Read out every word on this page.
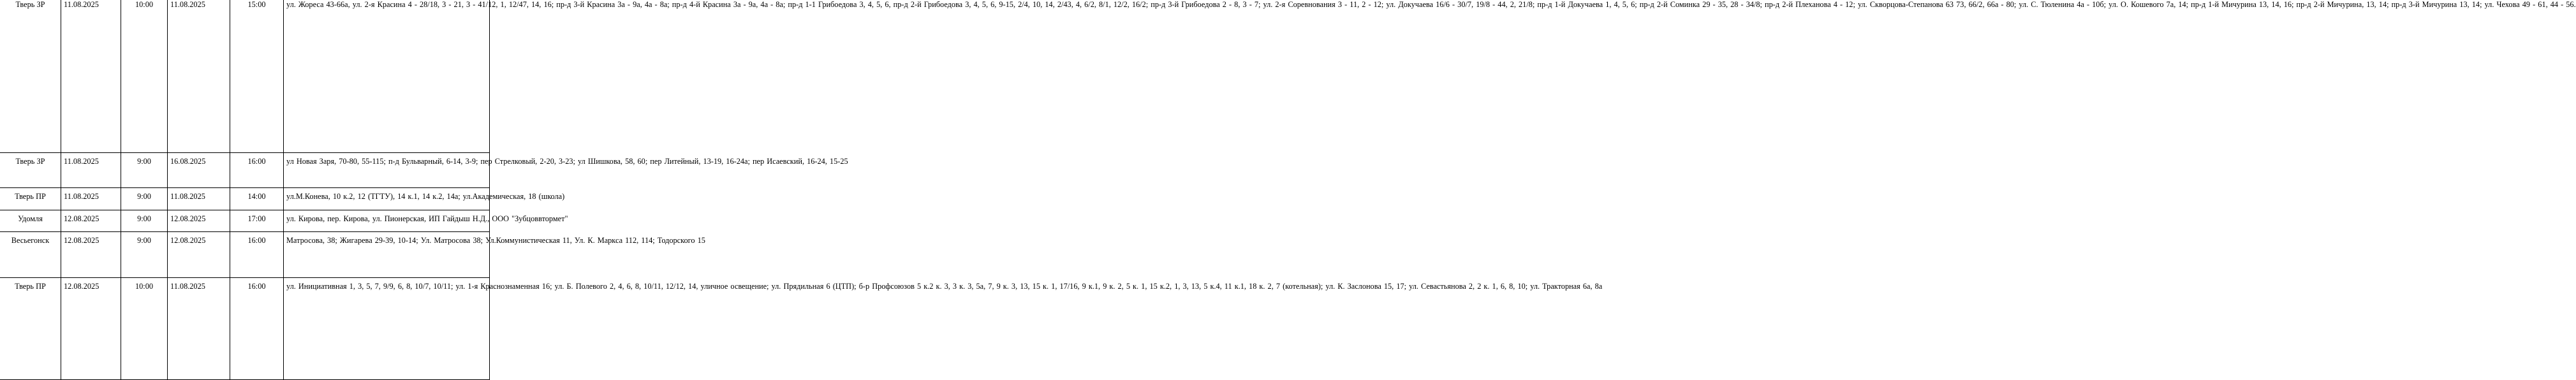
Тверь ЗР	11.08.2025	10:00	11.08.2025	15:00	ул. Жореса 43-66а, ул. 2-я Красина 4 - 28/18, 3 - 21, 3 - 41/12, 1, 12/47, 14, 16; пр-д 3-й Красина 3а - 9а, 4а - 8а; пр-д 4-й Красина 3а - 9а, 4а - 8а; пр-д 1-1 Грибоедова 3, 4, 5, 6, пр-д 2-й Грибоедова 3, 4, 5, 6, 9-15, 2/4, 10, 14, 2/43, 4, 6/2, 8/1, 12/2, 16/2; пр-д 3-й Грибоедова 2 - 8, 3 - 7; ул. 2-я Соревнования 3 - 11, 2 - 12; ул. Докучаева 16/6 - 30/7, 19/8 - 44, 2, 21/8; пр-д 1-й Докучаева 1, 4, 5, 6; пр-д 2-й Соминка 29 - 35, 28 - 34/8; пр-д 2-й Плеханова 4 - 12; ул. Скворцова-Степанова 63 73, 66/2, 66а - 80; ул. С. Тюленина 4а - 10б; ул. О. Кошевого 7а, 14; пр-д 1-й Мичурина 13, 14, 16; пр-д 2-й Мичурина, 13, 14; пр-д 3-й Мичурина 13, 14; ул. Чехова 49 - 61, 44 - 56.
Тверь ЗР	11.08.2025	9:00	16.08.2025	16:00	ул Новая Заря, 70-80, 55-115; п-д Бульварный, 6-14, 3-9; пер Стрелковый, 2-20, 3-23; ул Шишкова, 58, 60; пер Литейный, 13-19, 16-24а; пер Исаевский, 16-24, 15-25
Тверь ПР	11.08.2025	9:00	11.08.2025	14:00	ул.М.Конева, 10 к.2, 12 (ТГТУ), 14 к.1, 14 к.2, 14а; ул.Академическая, 18 (школа)
Удомля	12.08.2025	9:00	12.08.2025	17:00	ул. Кирова, пер. Кирова, ул. Пионерская, ИП Гайдыш Н.Д., ООО "Зубцоввтормет"
Весьегонск	12.08.2025	9:00	12.08.2025	16:00	Матросова, 38; Жигарева 29-39, 10-14; Ул. Матросова 38; Ул.Коммунистическая 11, Ул. К. Маркса 112, 114; Тодорского 15
Тверь ПР	12.08.2025	10:00	11.08.2025	16:00	ул. Инициативная 1, 3, 5, 7, 9/9, 6, 8, 10/7, 10/11; ул. 1-я Краснознаменная 16; ул. Б. Полевого 2, 4, 6, 8, 10/11, 12/12, 14, уличное освещение; ул. Прядильная 6 (ЦТП); б-р Профсоюзов 5 к.2 к. 3, 3 к. 3, 5а, 7, 9 к. 3, 13, 15 к. 1, 17/16, 9 к.1, 9 к. 2, 5 к. 1, 15 к.2, 1, 3, 13, 5 к.4, 11 к.1, 18 к. 2, 7 (котельная); ул. К. Заслонова 15, 17; ул. Севастьянова 2, 2 к. 1, 6, 8, 10; ул. Тракторная 6а, 8а
